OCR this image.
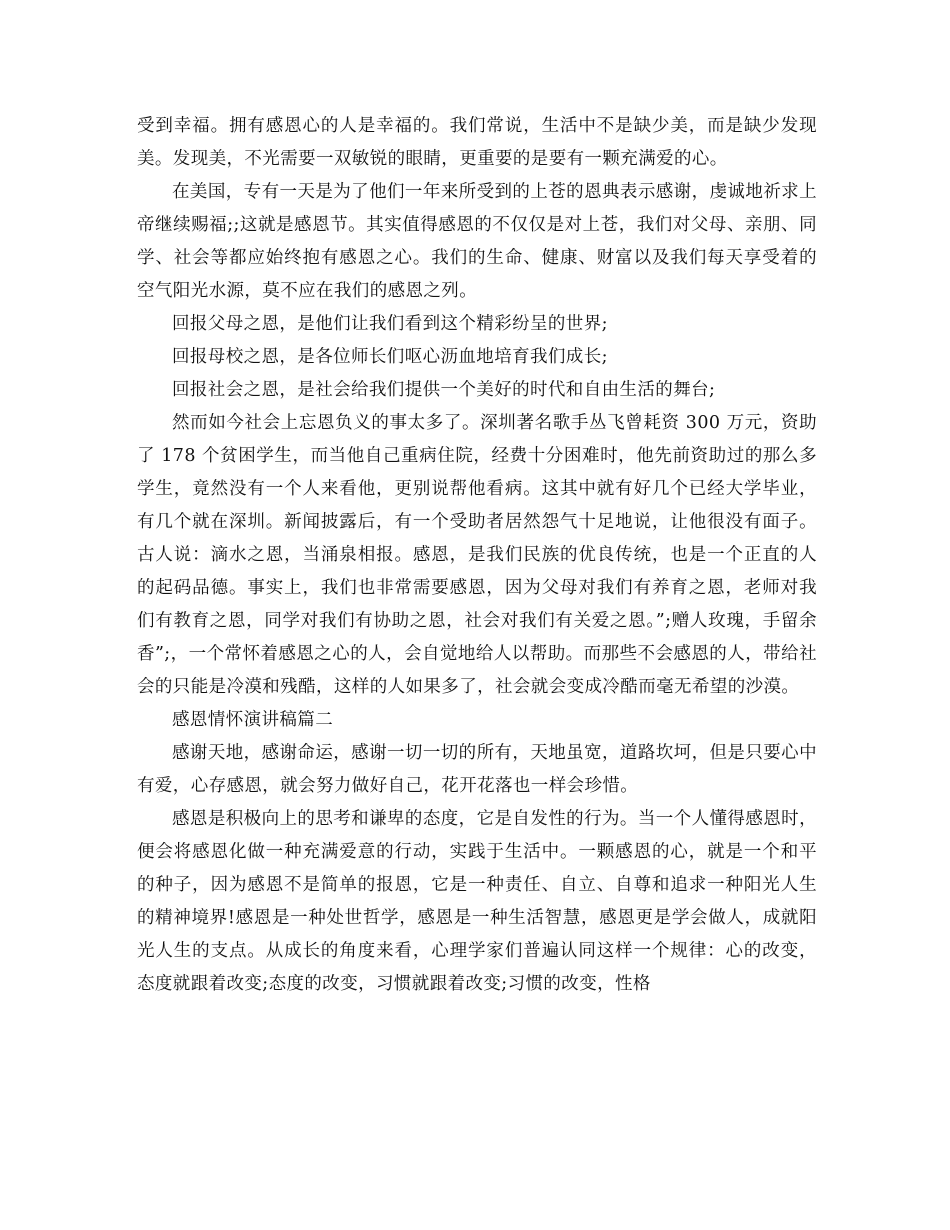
受到幸福。拥有感恩心的人是幸福的。我们常说，生活中不是缺少美，而是缺少发现美。发现美，不光需要一双敏锐的眼睛，更重要的是要有一颗充满爱的心。

在美国，专有一天是为了他们一年来所受到的上苍的恩典表示感谢，虔诚地祈求上帝继续赐福;;这就是感恩节。其实值得感恩的不仅仅是对上苍，我们对父母、亲朋、同学、社会等都应始终抱有感恩之心。我们的生命、健康、财富以及我们每天享受着的空气阳光水源，莫不应在我们的感恩之列。

回报父母之恩，是他们让我们看到这个精彩纷呈的世界;

回报母校之恩，是各位师长们呕心沥血地培育我们成长;

回报社会之恩，是社会给我们提供一个美好的时代和自由生活的舞台;

然而如今社会上忘恩负义的事太多了。深圳著名歌手丛飞曾耗资 300 万元，资助了 178 个贫困学生，而当他自己重病住院，经费十分困难时，他先前资助过的那么多学生，竟然没有一个人来看他，更别说帮他看病。这其中就有好几个已经大学毕业，有几个就在深圳。新闻披露后，有一个受助者居然怨气十足地说，让他很没有面子。古人说：滴水之恩，当涌泉相报。感恩，是我们民族的优良传统，也是一个正直的人的起码品德。事实上，我们也非常需要感恩，因为父母对我们有养育之恩，老师对我们有教育之恩，同学对我们有协助之恩，社会对我们有关爱之恩。”;赠人玫瑰，手留余香”;，一个常怀着感恩之心的人，会自觉地给人以帮助。而那些不会感恩的人，带给社会的只能是冷漠和残酷，这样的人如果多了，社会就会变成冷酷而毫无希望的沙漠。

感恩情怀演讲稿篇二

感谢天地，感谢命运，感谢一切一切的所有，天地虽宽，道路坎坷，但是只要心中有爱，心存感恩，就会努力做好自己，花开花落也一样会珍惜。

感恩是积极向上的思考和谦卑的态度，它是自发性的行为。当一个人懂得感恩时，便会将感恩化做一种充满爱意的行动，实践于生活中。一颗感恩的心，就是一个和平的种子，因为感恩不是简单的报恩，它是一种责任、自立、自尊和追求一种阳光人生的精神境界!感恩是一种处世哲学，感恩是一种生活智慧，感恩更是学会做人，成就阳光人生的支点。从成长的角度来看，心理学家们普遍认同这样一个规律：心的改变，态度就跟着改变;态度的改变，习惯就跟着改变;习惯的改变，性格
